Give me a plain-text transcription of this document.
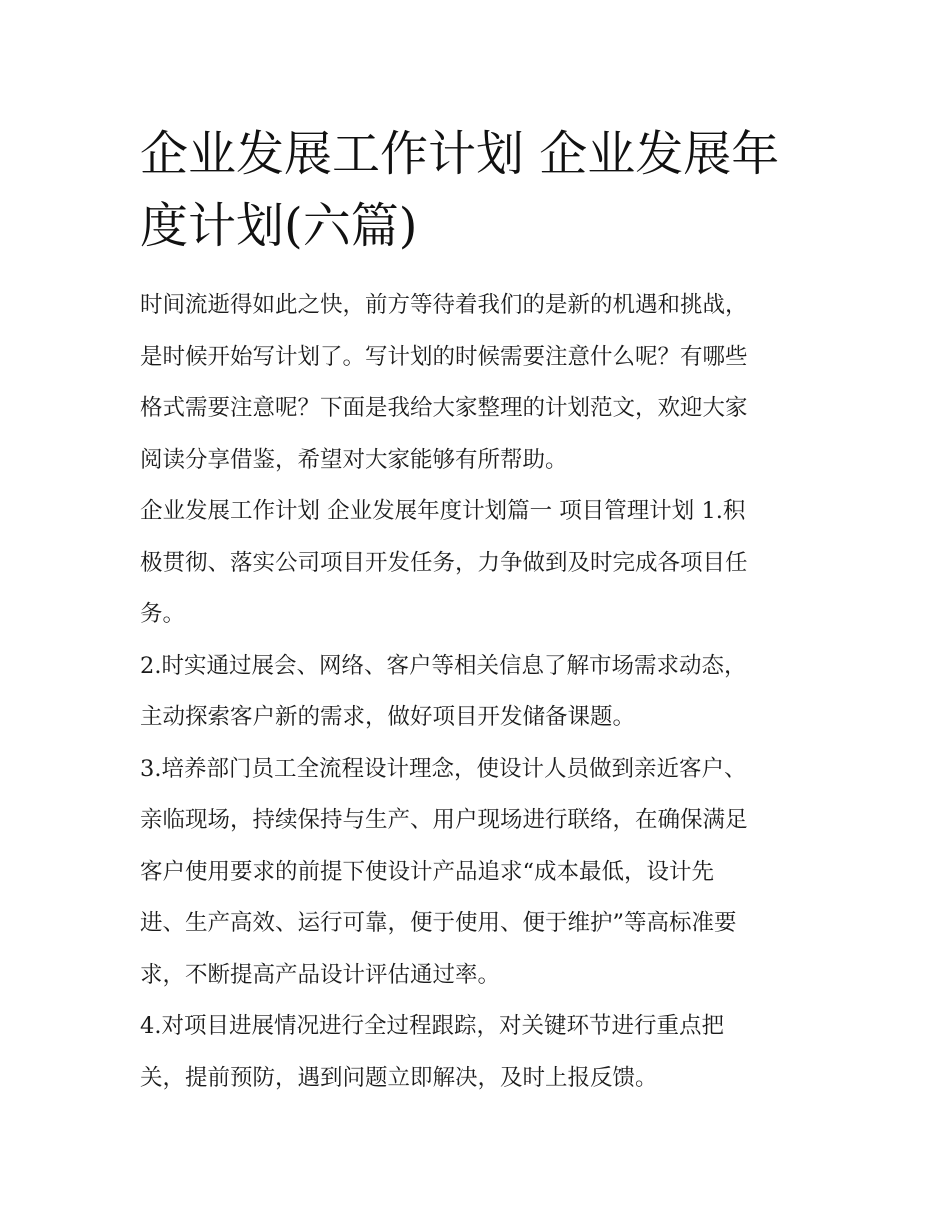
企业发展工作计划 企业发展年
度计划(六篇)
时间流逝得如此之快，前方等待着我们的是新的机遇和挑战，
是时候开始写计划了。写计划的时候需要注意什么呢？有哪些
格式需要注意呢？下面是我给大家整理的计划范文，欢迎大家
阅读分享借鉴，希望对大家能够有所帮助。
企业发展工作计划 企业发展年度计划篇一 项目管理计划 1.积
极贯彻、落实公司项目开发任务，力争做到及时完成各项目任
务。
2.时实通过展会、网络、客户等相关信息了解市场需求动态，
主动探索客户新的需求，做好项目开发储备课题。
3.培养部门员工全流程设计理念，使设计人员做到亲近客户、
亲临现场，持续保持与生产、用户现场进行联络，在确保满足
客户使用要求的前提下使设计产品追求“成本最低，设计先
进、生产高效、运行可靠，便于使用、便于维护”等高标准要
求，不断提高产品设计评估通过率。
4.对项目进展情况进行全过程跟踪，对关键环节进行重点把
关，提前预防，遇到问题立即解决，及时上报反馈。
